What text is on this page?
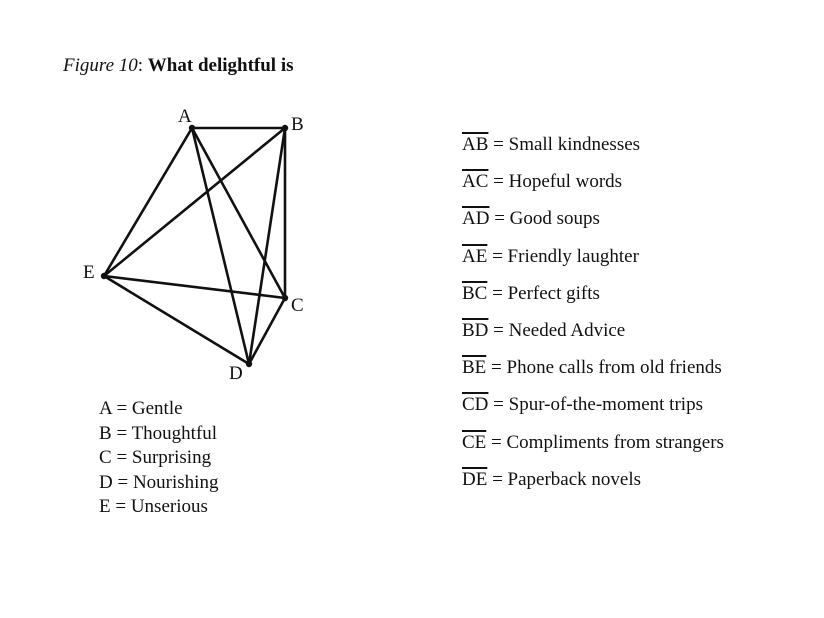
Figure 10: What delightful is
A	B
C
D
E
A = Gentle
B = Thoughtful
C = Surprising
D = Nourishing
E = Unserious
$\overline{AB}$ = Small kindnesses
$\overline{AC}$ = Hopeful words
$\overline{AD}$ = Good soups
$\overline{AE}$ = Friendly laughter
$\overline{BC}$ = Perfect gifts
$\overline{BD}$ = Needed Advice
$\overline{BE}$ = Phone calls from old friends
$\overline{CD}$ = Spur-of-the-moment trips
$\overline{CE}$ = Compliments from strangers
$\overline{DE}$ = Paperback novels
